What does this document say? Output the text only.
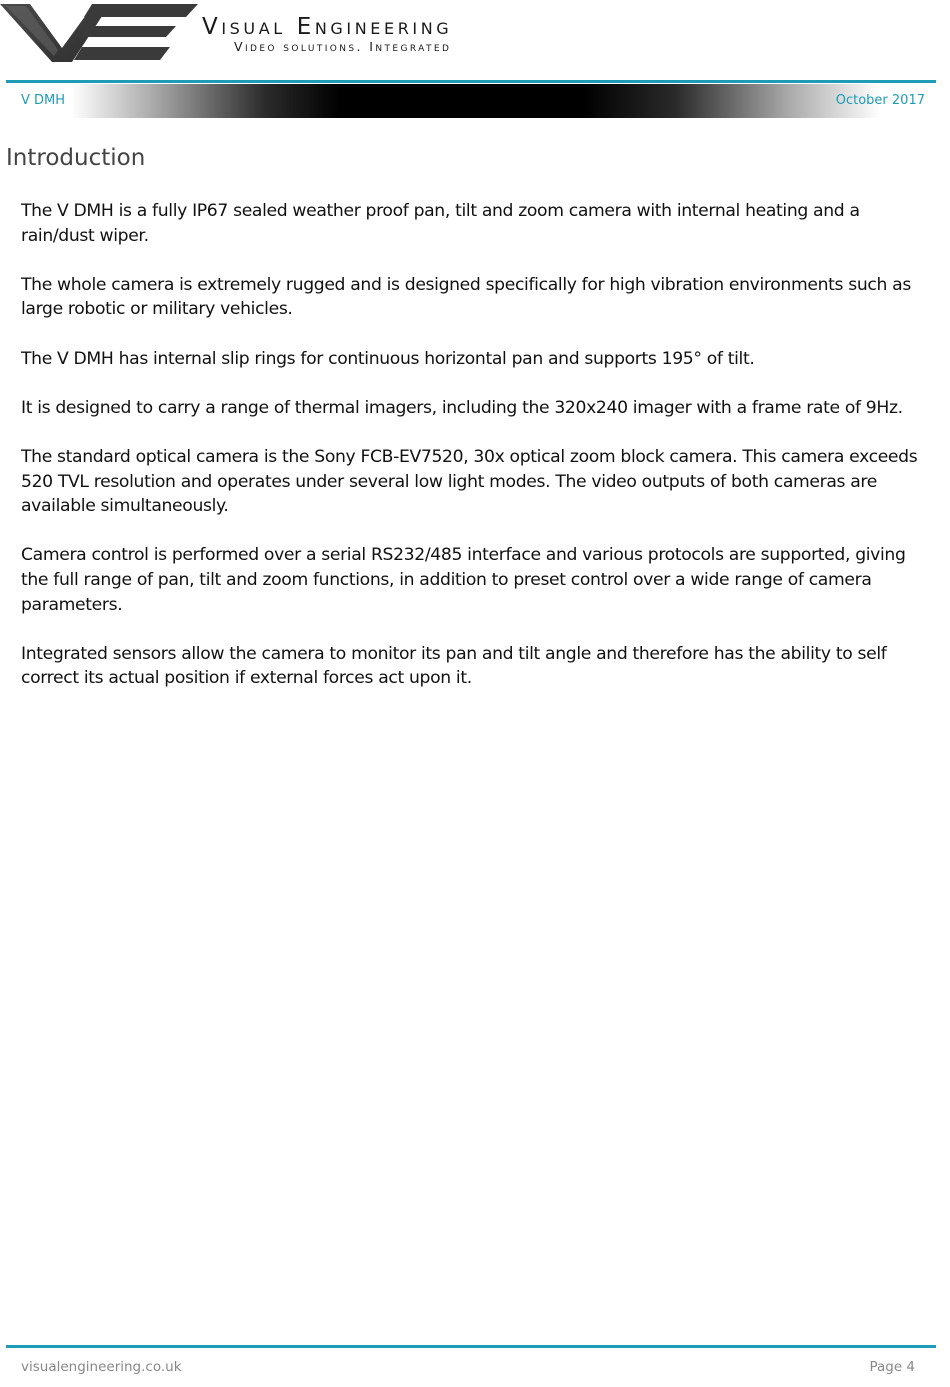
Visual Engineering
Video solutions. Integrated
V DMH	October 2017
Introduction

The V DMH is a fully IP67 sealed weather proof pan, tilt and zoom camera with internal heating and a rain/dust wiper.

The whole camera is extremely rugged and is designed specifically for high vibration environments such as large robotic or military vehicles.

The V DMH has internal slip rings for continuous horizontal pan and supports 195° of tilt.

It is designed to carry a range of thermal imagers, including the 320x240 imager with a frame rate of 9Hz.

The standard optical camera is the Sony FCB-EV7520, 30x optical zoom block camera. This camera exceeds 520 TVL resolution and operates under several low light modes. The video outputs of both cameras are available simultaneously.

Camera control is performed over a serial RS232/485 interface and various protocols are supported, giving the full range of pan, tilt and zoom functions, in addition to preset control over a wide range of camera parameters.

Integrated sensors allow the camera to monitor its pan and tilt angle and therefore has the ability to self correct its actual position if external forces act upon it.

visualengineering.co.uk	Page 4
